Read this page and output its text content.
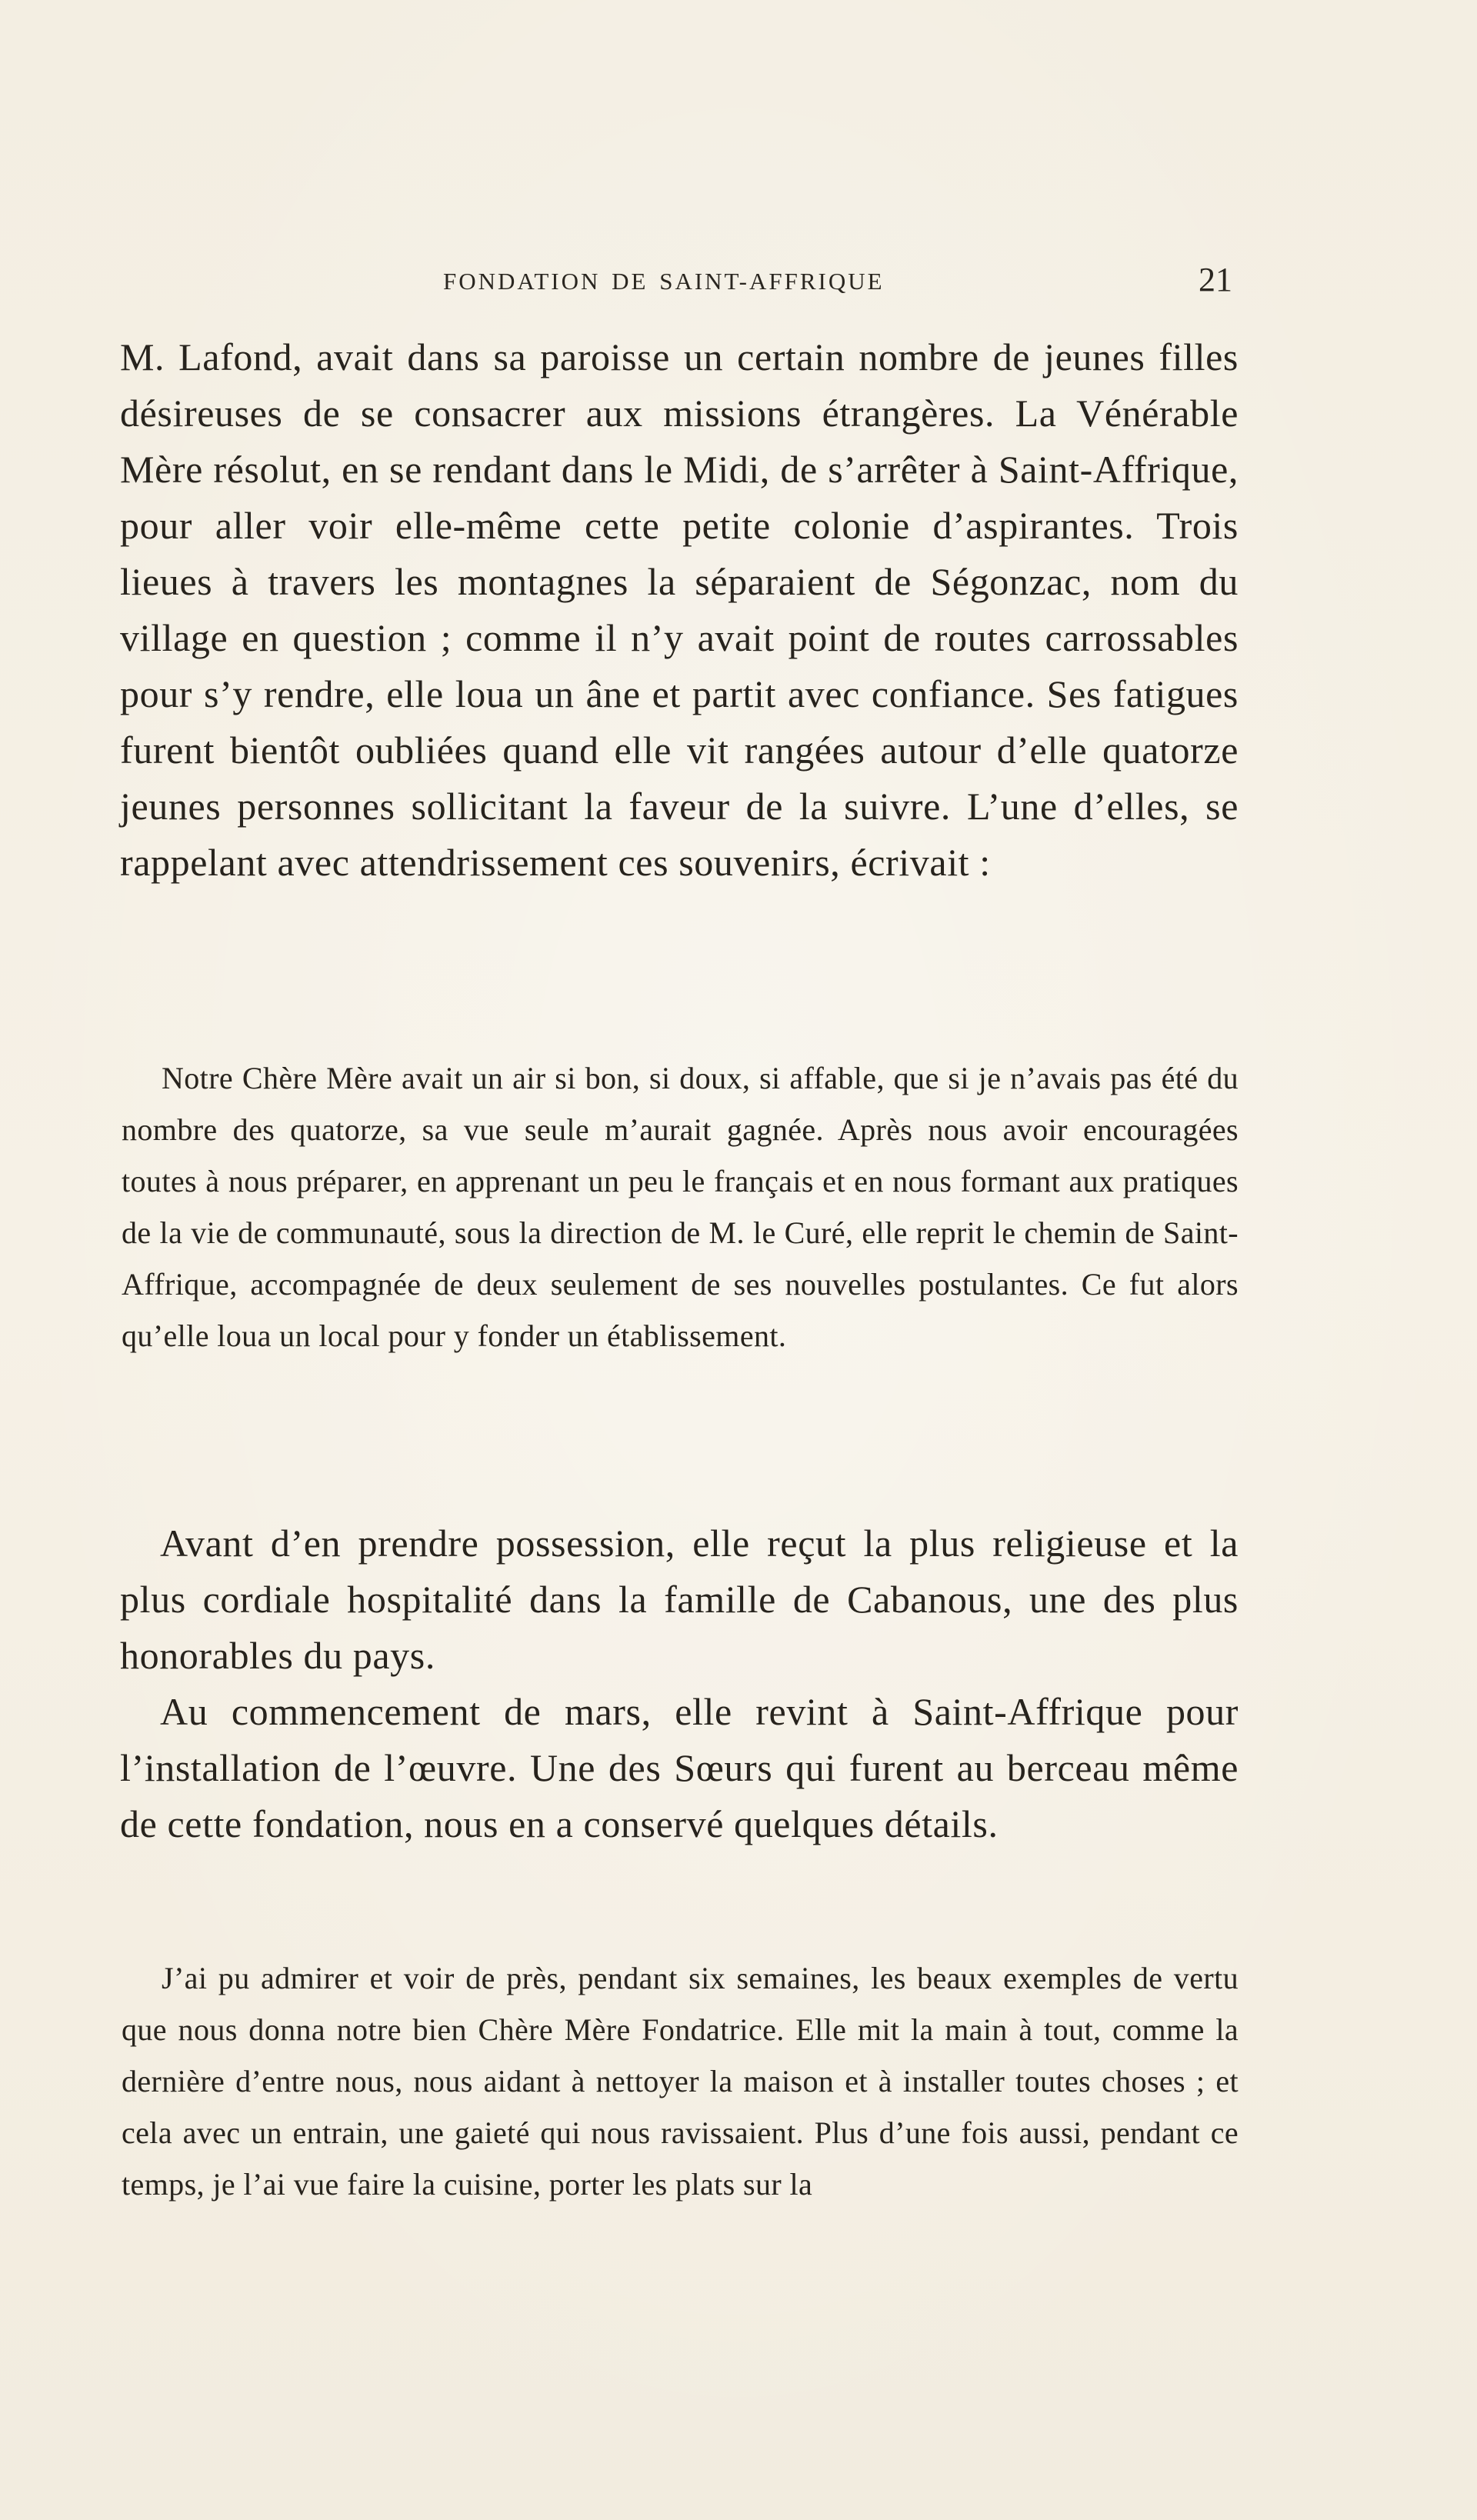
FONDATION DE SAINT-AFFRIQUE	21

M. Lafond, avait dans sa paroisse un certain nombre de jeunes filles désireuses de se consacrer aux missions étrangères. La Vénérable Mère résolut, en se rendant dans le Midi, de s’arrêter à Saint-Affrique, pour aller voir elle-même cette petite colonie d’aspirantes. Trois lieues à travers les montagnes la séparaient de Ségonzac, nom du village en question ; comme il n’y avait point de routes carrossables pour s’y rendre, elle loua un âne et partit avec confiance. Ses fatigues furent bientôt oubliées quand elle vit rangées autour d’elle quatorze jeunes personnes sollicitant la faveur de la suivre. L’une d’elles, se rappelant avec attendrissement ces souvenirs, écrivait :

Notre Chère Mère avait un air si bon, si doux, si affable, que si je n’avais pas été du nombre des quatorze, sa vue seule m’aurait gagnée. Après nous avoir encouragées toutes à nous préparer, en apprenant un peu le français et en nous formant aux pratiques de la vie de communauté, sous la direction de M. le Curé, elle reprit le chemin de Saint-Affrique, accompagnée de deux seulement de ses nouvelles postulantes. Ce fut alors qu’elle loua un local pour y fonder un établissement.

Avant d’en prendre possession, elle reçut la plus religieuse et la plus cordiale hospitalité dans la famille de Cabanous, une des plus honorables du pays.

Au commencement de mars, elle revint à Saint-Affrique pour l’installation de l’œuvre. Une des Sœurs qui furent au berceau même de cette fondation, nous en a conservé quelques détails.

J’ai pu admirer et voir de près, pendant six semaines, les beaux exemples de vertu que nous donna notre bien Chère Mère Fondatrice. Elle mit la main à tout, comme la dernière d’entre nous, nous aidant à nettoyer la maison et à installer toutes choses ; et cela avec un entrain, une gaieté qui nous ravissaient. Plus d’une fois aussi, pendant ce temps, je l’ai vue faire la cuisine, porter les plats sur la
